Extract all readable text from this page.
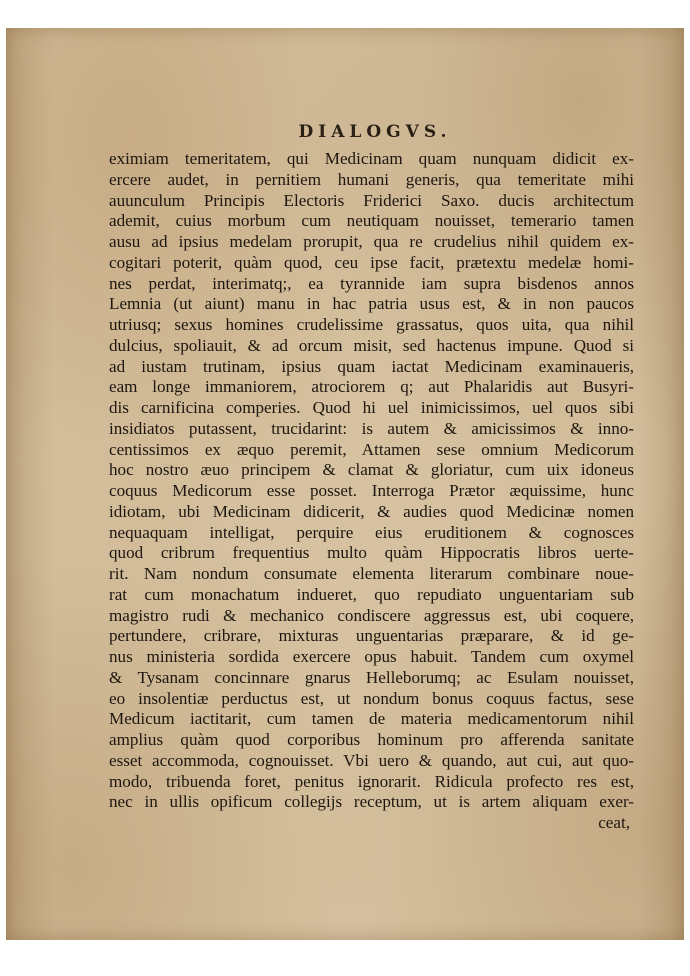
DIALOGVS.
eximiam temeritatem, qui Medicinam quam nunquam didicit ex-
ercere audet, in pernitiem humani generis, qua temeritate mihi
auunculum Principis Electoris Friderici Saxo. ducis architectum
ademit, cuius morbum cum neutiquam nouisset, temerario tamen
ausu ad ipsius medelam prorupit, qua re crudelius nihil quidem ex-
cogitari poterit, quàm quod, ceu ipse facit, prætextu medelæ homi-
nes perdat, interimatq;, ea tyrannide iam supra bisdenos annos
Lemnia (ut aiunt) manu in hac patria usus est, & in non paucos
utriusq; sexus homines crudelissime grassatus, quos uita, qua nihil
dulcius, spoliauit, & ad orcum misit, sed hactenus impune. Quod si
ad iustam trutinam, ipsius quam iactat Medicinam examinaueris,
eam longe immaniorem, atrociorem q; aut Phalaridis aut Busyri-
dis carnificina comperies. Quod hi uel inimicissimos, uel quos sibi
insidiatos putassent, trucidarint: is autem & amicissimos & inno-
centissimos ex æquo peremit, Attamen sese omnium Medicorum
hoc nostro æuo principem & clamat & gloriatur, cum uix idoneus
coquus Medicorum esse posset. Interroga Prætor æquissime, hunc
idiotam, ubi Medicinam didicerit, & audies quod Medicinæ nomen
nequaquam intelligat, perquire eius eruditionem & cognosces
quod cribrum frequentius multo quàm Hippocratis libros uerte-
rit. Nam nondum consumate elementa literarum combinare noue-
rat cum monachatum indueret, quo repudiato unguentariam sub
magistro rudi & mechanico condiscere aggressus est, ubi coquere,
pertundere, cribrare, mixturas unguentarias præparare, & id ge-
nus ministeria sordida exercere opus habuit. Tandem cum oxymel
& Tysanam concinnare gnarus Helleborumq; ac Esulam nouisset,
eo insolentiæ perductus est, ut nondum bonus coquus factus, sese
Medicum iactitarit, cum tamen de materia medicamentorum nihil
amplius quàm quod corporibus hominum pro afferenda sanitate
esset accommoda, cognouisset. Vbi uero & quando, aut cui, aut quo-
modo, tribuenda foret, penitus ignorarit. Ridicula profecto res est,
nec in ullis opificum collegijs receptum, ut is artem aliquam exer-
ceat,
